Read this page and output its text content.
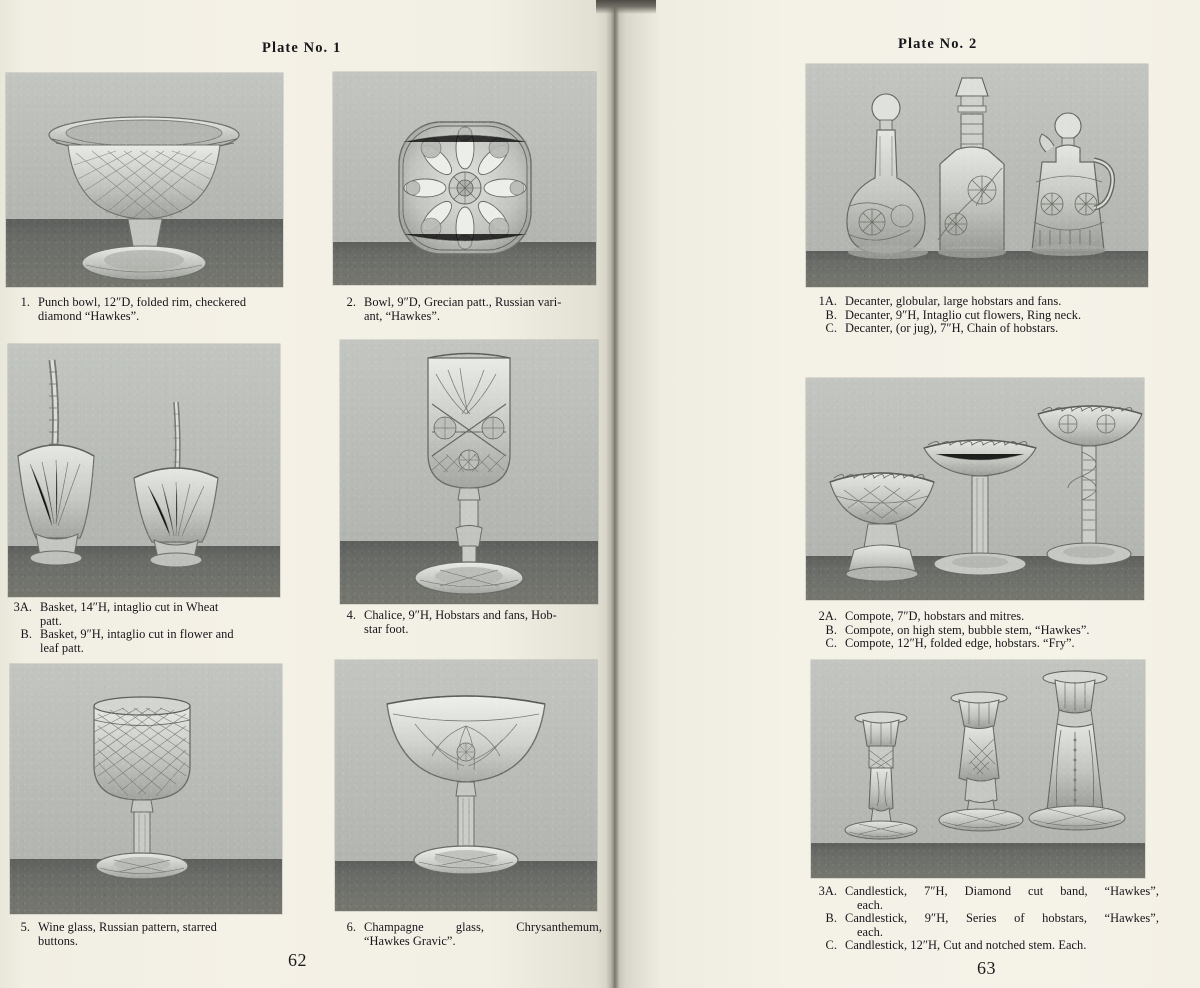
Plate No. 1
1. Punch bowl, 12″D, folded rim, checkered
diamond “Hawkes”.
2. Bowl, 9″D, Grecian patt., Russian vari-
ant, “Hawkes”.
3A. Basket, 14″H, intaglio cut in Wheat
patt.
B. Basket, 9″H, intaglio cut in flower and
leaf patt.
4. Chalice, 9″H, Hobstars and fans, Hob-
star foot.
5. Wine glass, Russian pattern, starred
buttons.
6. Champagne glass, Chrysanthemum,
“Hawkes Gravic”.
62
Plate No. 2
1A. Decanter, globular, large hobstars and fans.
B. Decanter, 9″H, Intaglio cut flowers, Ring neck.
C. Decanter, (or jug), 7″H, Chain of hobstars.
2A. Compote, 7″D, hobstars and mitres.
B. Compote, on high stem, bubble stem, “Hawkes”.
C. Compote, 12″H, folded edge, hobstars. “Fry”.
3A. Candlestick, 7″H, Diamond cut band, “Hawkes”,
each.
B. Candlestick, 9″H, Series of hobstars, “Hawkes”,
each.
C. Candlestick, 12″H, Cut and notched stem. Each.
63
